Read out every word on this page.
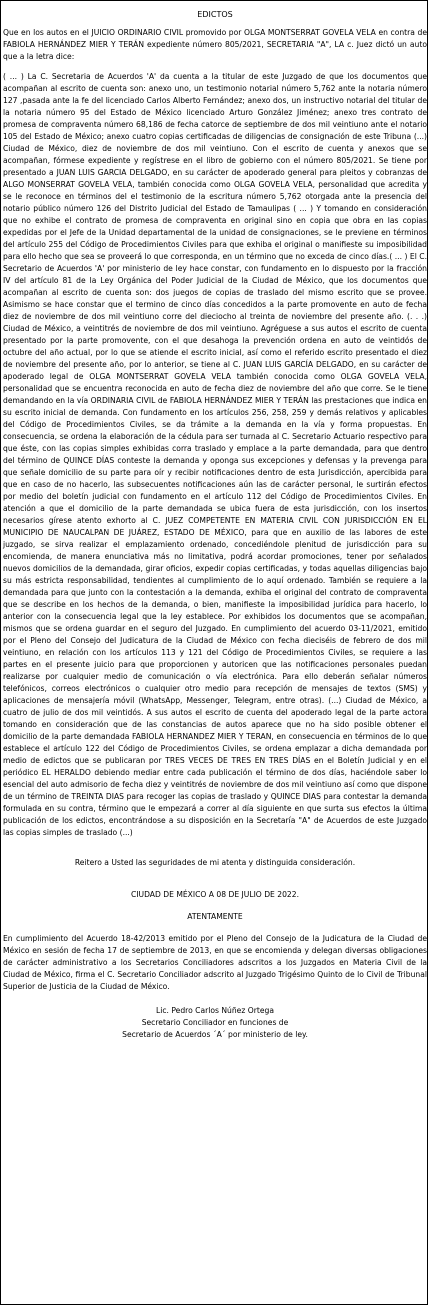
EDICTOS

Que en los autos en el JUICIO ORDINARIO CIVIL promovido por OLGA MONTSERRAT GOVELA VELA en contra de FABIOLA HERNÁNDEZ MIER Y TERÁN expediente número 805/2021, SECRETARIA "A", LA c. Juez dictó un auto que a la letra dice:

( ... ) La C. Secretaria de Acuerdos 'A' da cuenta a la titular de este Juzgado de que los documentos que acompañan al escrito de cuenta son: anexo uno, un testimonio notarial número 5,762 ante la notaria número 127 ,pasada ante la fe del licenciado Carlos Alberto Fernández; anexo dos, un instructivo notarial del titular de la notaria número 95 del Estado de México licenciado Arturo González Jiménez; anexo tres contrato de promesa de compraventa número 68,186 de fecha catorce de septiembre de dos mil veintiuno ante el notario 105 del Estado de México; anexo cuatro copias certificadas de diligencias de consignación de este Tribuna (...) Ciudad de México, diez de noviembre de dos mil veintiuno. Con el escrito de cuenta y anexos que se acompañan, fórmese expediente y regístrese en el libro de gobierno con el número 805/2021. Se tiene por presentado a JUAN LUIS GARCIA DELGADO, en su carácter de apoderado general para pleitos y cobranzas de ALGO MONSERRAT GOVELA VELA, también conocida como OLGA GOVELA VELA, personalidad que acredita y se le reconoce en términos del el testimonio de la escritura número 5,762 otorgada ante la presencia del notario público número 126 del Distrito Judicial del Estado de Tamaulipas ( ... ) Y tomando en consideración que no exhibe el contrato de promesa de compraventa en original sino en copia que obra en las copias expedidas por el Jefe de la Unidad departamental de la unidad de consignaciones, se le previene en términos del artículo 255 del Código de Procedimientos Civiles para que exhiba el original o manifieste su imposibilidad para ello hecho que sea se proveerá lo que corresponda, en un término que no exceda de cinco días.( ... ) El C. Secretario de Acuerdos 'A' por ministerio de ley hace constar, con fundamento en lo dispuesto por la fracción IV del artículo 81 de la Ley Orgánica del Poder Judicial de la Ciudad de México, que los documentos que acompañan al escrito de cuenta son: dos juegos de copias de traslado del mismo escrito que se provee. Asimismo se hace constar que el termino de cinco días concedidos a la parte promovente en auto de fecha diez de noviembre de dos mil veintiuno corre del dieciocho al treinta de noviembre del presente año. (. . .) Ciudad de México, a veintitrés de noviembre de dos mil veintiuno. Agréguese a sus autos el escrito de cuenta presentado por la parte promovente, con el que desahoga la prevención ordena en auto de veintidós de octubre del año actual, por lo que se atiende el escrito inicial, así como el referido escrito presentado el diez de noviembre del presente año, por lo anterior, se tiene al C. JUAN LUIS GARCÍA DELGADO, en su carácter de apoderado legal de OLGA MONTSERRAT GOVELA VELA también conocida como OLGA GOVELA VELA, personalidad que se encuentra reconocida en auto de fecha diez de noviembre del año que corre. Se le tiene demandando en la vía ORDINARIA CIVIL de FABIOLA HERNÁNDEZ MIER Y TERÁN las prestaciones que indica en su escrito inicial de demanda. Con fundamento en los artículos 256, 258, 259 y demás relativos y aplicables del Código de Procedimientos Civiles, se da trámite a la demanda en la vía y forma propuestas. En consecuencia, se ordena la elaboración de la cédula para ser turnada al C. Secretario Actuario respectivo para que éste, con las copias simples exhibidas corra traslado y emplace a la parte demandada, para que dentro del término de QUINCE DÍAS conteste la demanda y oponga sus excepciones y defensas y la prevenga para que señale domicilio de su parte para oír y recibir notificaciones dentro de esta Jurisdicción, apercibida para que en caso de no hacerlo, las subsecuentes notificaciones aún las de carácter personal, le surtirán efectos por medio del boletín judicial con fundamento en el artículo 112 del Código de Procedimientos Civiles. En atención a que el domicilio de la parte demandada se ubica fuera de esta jurisdicción, con los insertos necesarios gírese atento exhorto al C. JUEZ COMPETENTE EN MATERIA CIVIL CON JURISDICCIÓN EN EL MUNICIPIO DE NAUCALPAN DE JUÁREZ, ESTADO DE MÉXICO, para que en auxilio de las labores de este juzgado, se sirva realizar el emplazamiento ordenado, concediéndole plenitud de jurisdicción para su encomienda, de manera enunciativa más no limitativa, podrá acordar promociones, tener por señalados nuevos domicilios de la demandada, girar oficios, expedir copias certificadas, y todas aquellas diligencias bajo su más estricta responsabilidad, tendientes al cumplimiento de lo aquí ordenado. También se requiere a la demandada para que junto con la contestación a la demanda, exhiba el original del contrato de compraventa que se describe en los hechos de la demanda, o bien, manifieste la imposibilidad jurídica para hacerlo, lo anterior con la consecuencia legal que la ley establece. Por exhibidos los documentos que se acompañan, mismos que se ordena guardar en el seguro del Juzgado. En cumplimiento del acuerdo 03-11/2021, emitido por el Pleno del Consejo del Judicatura de la Ciudad de México con fecha dieciséis de febrero de dos mil veintiuno, en relación con los artículos 113 y 121 del Código de Procedimientos Civiles, se requiere a las partes en el presente juicio para que proporcionen y autoricen que las notificaciones personales puedan realizarse por cualquier medio de comunicación o vía electrónica. Para ello deberán señalar números telefónicos, correos electrónicos o cualquier otro medio para recepción de mensajes de textos (SMS) y aplicaciones de mensajería móvil (WhatsApp, Messenger, Telegram, entre otras). (...) Ciudad de México, a cuatro de julio de dos mil veintidós. A sus autos el escrito de cuenta del apoderado legal de la parte actora tomando en consideración que de las constancias de autos aparece que no ha sido posible obtener el domicilio de la parte demandada FABIOLA HERNANDEZ MIER Y TERAN, en consecuencia en términos de lo que establece el artículo 122 del Código de Procedimientos Civiles, se ordena emplazar a dicha demandada por medio de edictos que se publicaran por TRES VECES DE TRES EN TRES DÍAS en el Boletín Judicial y en el periódico EL HERALDO debiendo mediar entre cada publicación el término de dos días, haciéndole saber lo esencial del auto admisorio de fecha diez y veintitrés de noviembre de dos mil veintiuno así como que dispone de un término de TREINTA DIAS para recoger las copias de traslado y QUINCE DIAS para contestar la demanda formulada en su contra, término que le empezará a correr al día siguiente en que surta sus efectos la última publicación de los edictos, encontrándose a su disposición en la Secretaría "A" de Acuerdos de este Juzgado las copias simples de traslado (...)

Reitero a Usted las seguridades de mi atenta y distinguida consideración.

CIUDAD DE MÉXICO A 08 DE JULIO DE 2022.

ATENTAMENTE

En cumplimiento del Acuerdo 18-42/2013 emitido por el Pleno del Consejo de la Judicatura de la Ciudad de México en sesión de fecha 17 de septiembre de 2013, en que se encomienda y delegan diversas obligaciones de carácter administrativo a los Secretarios Conciliadores adscritos a los Juzgados en Materia Civil de la Ciudad de México, firma el C. Secretario Conciliador adscrito al Juzgado Trigésimo Quinto de lo Civil de Tribunal Superior de Justicia de la Ciudad de México.

Lic. Pedro Carlos Núñez Ortega

Secretario Conciliador en funciones de

Secretario de Acuerdos ´A´ por ministerio de ley.
